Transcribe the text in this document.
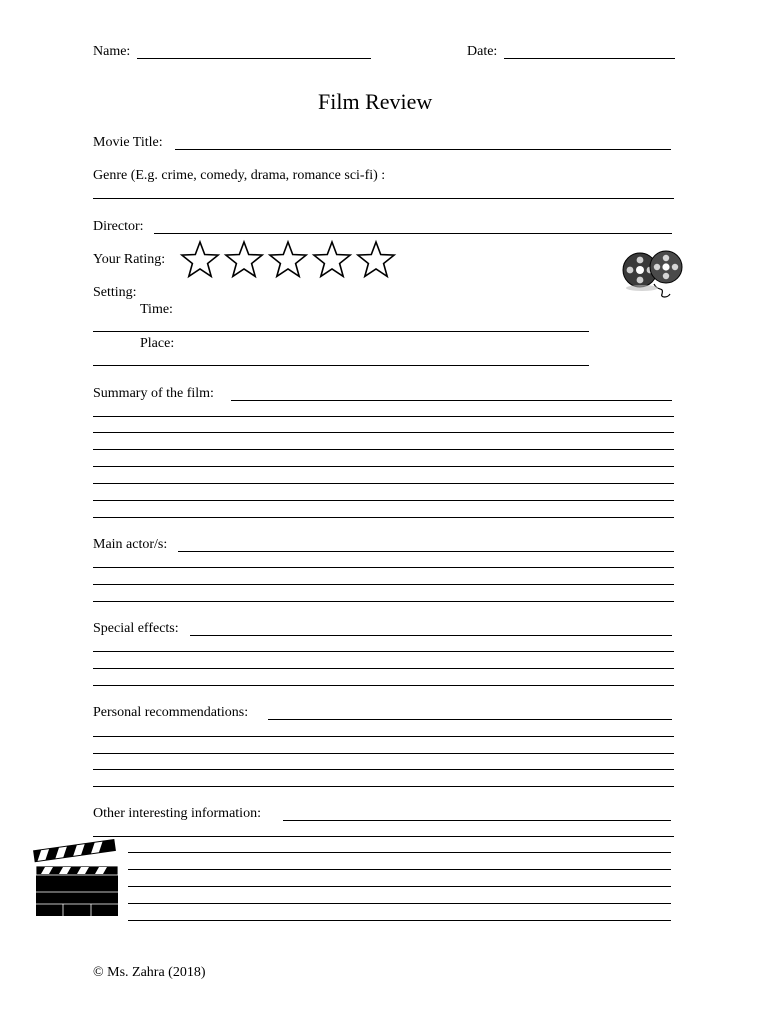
Name:	Date:
Film Review
Movie Title:
Genre (E.g. crime, comedy, drama, romance sci-fi) :
Director:
Your Rating:
Setting:
Time:
Place:
Summary of the film:
Main actor/s:
Special effects:
Personal recommendations:
Other interesting information:
© Ms. Zahra (2018)
